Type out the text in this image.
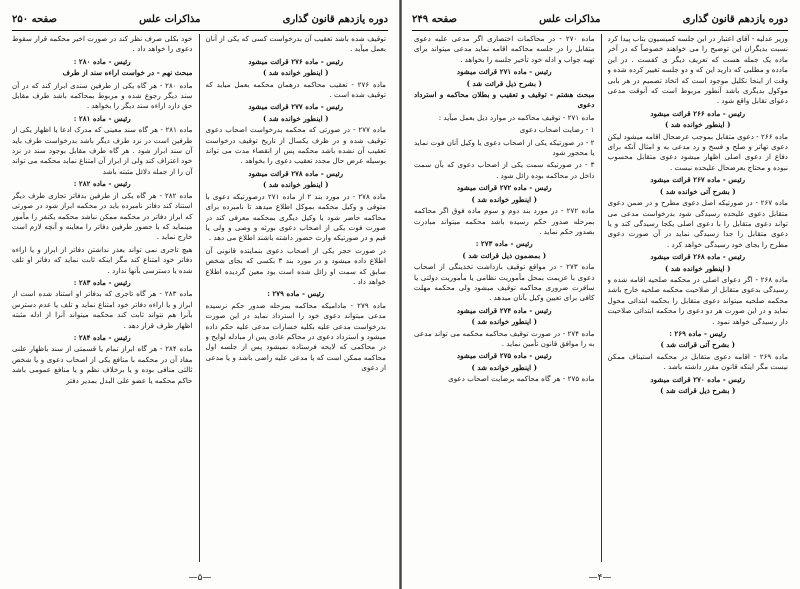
دوره یازدهم قانون گذاری
مذاکرات علس
صفحه ۲۵۰

توقیف شده باشد تعقیب آن بدرخواست کسی که یکی از آنان بعمل میآید .

رئیس - ماده ۲۷۶ قرائت میشود

( اینطور خوانده شد )

ماده ۲۷۶ - تعقیب محاکمه درهمان محکمه بعمل میاید که توقیف شده است .

رئیس - ماده ۲۷۷ قرائت میشود

( اینطور خوانده شد )

ماده ۲۷۷ - در صورتی که محکمه بدرخواست اصحاب دعوی توقیف شده و در ظرف یکسال از تاریخ توقیف درخواست تعقیب آن نشده باشد محکمه پس از انقضاء مدت می تواند بوسیله عرض حال مجدد تعقیب دعوی را بخواهد .

رئیس - ماده ۲۷۸ قرائت میشود

( اینطور خوانده شد )

ماده ۲۷۸ - در مورد بند ۲ از ماده ۲۷۱ درصورتیکه دعوی با متوفی و وکیل محکمه بموکل اطلاع میدهد تا نامبرده برای محاکمه حاضر شود یا وکیل دیگری بمحکمه معرفی کند در صورت فوت یکی از اصحاب دعوی بورثه و وصی و ولی یا قیم و در صورتیکه وارث حضور داشته باشند اطلاع می دهد .

در صورت حجر یکی از اصحاب دعوی بنماینده قانونی آن اطلاع داده میشود و در مورد بند ۳ بکسی که بجای شخص سابق که سمت او زائل شده است بود معین گردیده اطلاع خواهد داد .

رئیس - ماده ۲۷۹ :

ماده ۲۷۹ - مادامیکه محاکمه بمرحله صدور حکم نرسیده مدعی میتواند دعوی خود را استرداد نماید در این صورت بدرخواست مدعی علیه بکلیه خسارات مدعی علیه حکم داده میشود و استرداد دعوی در محاکم عادی پس از مبادله لوایح و در محاکمی که لایحه فرستاده نمیشود پس از جلسه اول محاکمه ممکن است که یا مدعی علیه راضی باشد و یا مدعی از دعوی

خود بکلی صرف نظر کند در صورت اخیر محکمه قرار سقوط دعوی را خواهد داد .

رئیس - ماده ۲۸۰ :

مبحث نهم - در خواست اراءه سند از طرف

ماده ۲۸۰ - هر گاه یکی از طرفین سندی ابراز کند که در آن سند دیگر رجوع شده و مربوط بمحاکمه باشد طرف مقابل حق دارد اراءه سند دیگر را بخواهد .

رئیس - ماده ۲۸۱ :

ماده ۲۸۱ - هر گاه سند معینی که مدرک ادعا یا اظهار یکی از طرفین است در نزد طرف دیگر باشد بدرخواست طرف باید آن سند ابراز شود . هر گاه طرف مقابل بوجود سند در نزد خود اعتراف کند ولی از ابراز آن امتناع نماید محکمه می تواند آن را از جمله دلائل مثبته باشد

رئیس - ماده ۲۸۲ :

ماده ۲۸۲ - هر گاه یکی از طرفین بدفاتر تجاری طرف دیگر استناد کند دفاتر نامبرده باید در محکمه ابراز شود در صورتی که ابراز دفاتر در محکمه ممکن نباشد محکمه یکنفر را مأمور مینماید که با حضور طرفین دفاتر را معاینه و آنچه لازم است خارج نماید .

هیچ تاجری نمی تواند بعذر نداشتن دفاتر از ابراز و یا اراءه دفاتر خود امتناع کند مگر اینکه ثابت نماید که دفاتر او تلف شده یا دسترسی بآنها ندارد .

رئیس - ماده ۲۸۳ :

ماده ۲۸۳ - هر گاه تاجری که بدفاتر او استناد شده است از ابراز و یا اراءه دفاتر خود امتناع نماید و تلف یا عدم دسترس بآنرا هم نتواند ثابت کند محکمه میتواند آنرا از ادله مثبته اظهار طرف قرار دهد .

رئیس - ماده ۲۸۴ :

ماده ۲۸۴ - هر گاه ابراز تمام یا قسمتی از سند باظهار علنی مفاد آن در محکمه با منافع یکی از اصحاب دعوی و یا شخص ثالثی منافی بوده و یا برخلاف نظم و یا منافع عمومی باشد حاکم محکمه یا عضو علی البدل بمدیر دفتر

—۵—
دوره یازدهم قانون گذاری
مذاکرات علس
صفحه ۲۴۹

وزیر عدلیه - آقای اعتبار در این جلسه کمیسیون بتاب پیدا کرد نسبت بدیگران این توضیح را می خواهند خصوصاً که در آخر ماده یک جمله هست که تعریف دیگر ی کفست . در این مادده و مطلبی که دارید این که و دو جلسه تغییر کرده شده و وقت از اینجا نکلیل موجود است که اتخاذ تصمیم در هر بابی موکول بدیگری باشد آنطور مربوط است که آنوقت مدعی دعوای تقابل واقع شود .

رئیس - ماده ۲۶۶ قرائت میشود

( اینطور خوانده شد )

ماده ۲۶۶ - دعوی متقابل بموجب عرضحال اقامه میشود لیکن دعوی تهاتر و صلح و فسخ و رد مدعی به و امثال آنکه برای دفاع از دعوی اصلی اظهار میشود دعوی متقابل محسوب نبوده و محتاج بعرضحال علیحده نیست .

رئیس - ماده ۲۶۷ قرائت میشود

( بشرح آتی خوانده شد )

ماده ۲۶۷ - در صورتیکه اصل دعوی مطرح و در ضمن دعوی متقابل دعوی علیحده رسیدگی شود بدرخواست مدعی می تواند دعوی متقابل را با دعوی اصلی یکجا رسیدگی کند و یا دعوی متقابل را جدا رسیدگی نماید در آن صورت دعوی مطرح را بجای خود رسیدگی خواهد کرد .

رئیس - ماده ۲۶۸ قرائت میشود

( اینطور خوانده شد )

ماده ۲۶۸ - اگر دعوای اصلی در محکمه صلحیه اقامه شده و رسیدگی بدعوی متقابل از صلاحیت محکمه صلحیه خارج باشد محکمه صلحیه میتواند دعوی متقابل را بحکمه ابتدائی محول نماید و در این صورت هر دو دعوی را محکمه ابتدائی صلاحیت دار رسیدگی خواهد نمود .

رئیس - ماده ۲۶۹ :

( بشرح آتی قرائت شد )

ماده ۲۶۹ - اقامه دعوی متقابل در محکمه استیناف ممکن نیست مگر اینکه قانون مقرر داشته باشد .

رئیس - ماده ۲۷۰ قرائت میشود

( بشرح ذیل قرائت شد )

ماده ۲۷۰ - در محاکمات اختصاری اگر مدعی علیه دعوی متقابل را در جلسه محاکمه اقامه نماید مدعی میتواند برای تهیه جواب و ادله خود تأخیر جلسه را بخواهد .

رئیس - ماده ۲۷۱ قرائت میشود

( بشرح ذیل قرائت شد )

مبحث هشتم - توقیف و تعقیب و بطلان محاکمه و استرداد دعوی

ماده ۲۷۱ - توقیف محاکمه در موارد ذیل بعمل میآید :

۱ - رضایت اصحاب دعوی

۲ - در صورتیکه یکی از اصحاب دعوی یا وکیل آنان فوت نماید یا محجور شود

۳ - در صورتیکه سمت یکی از اصحاب دعوی که بآن سمت داخل در محاکمه بوده زائل شود .

رئیس - ماده ۲۷۲ قرائت میشود

( اینطور خوانده شد )

ماده ۲۷۲ - در مورد بند دوم و سوم ماده فوق اگر محاکمه بمرحله صدور حکم رسیده باشد محکمه میتواند مبادرت بصدور حکم نماید .

رئیس - ماده ۲۷۳ :

( بمضمون ذیل قرائت شد )

ماده ۲۷۳ - در مواقع توقیف بازداشت تخذینگی از اصحاب دعوی با عزیمت بمحل مأموریت نظامی یا مأموریت دولتی یا سافرت ضروری محاکمه توقیف میشود ولی محکمه مهلت کافی برای تعیین وکیل بآنان میدهد .

رئیس - ماده ۲۷۴ قرائت میشود

( اینطور خوانده شد )

ماده ۲۷۴ - در صورت توقیف محاکمه محکمه می تواند مدعی به را موافق قانون تأمین نماید .

رئیس - ماده ۲۷۵ قرائت میشود

( اینطور خوانده شد )

ماده ۲۷۵ - هر گاه محاکمه برضایت اصحاب دعوی

—۴—
